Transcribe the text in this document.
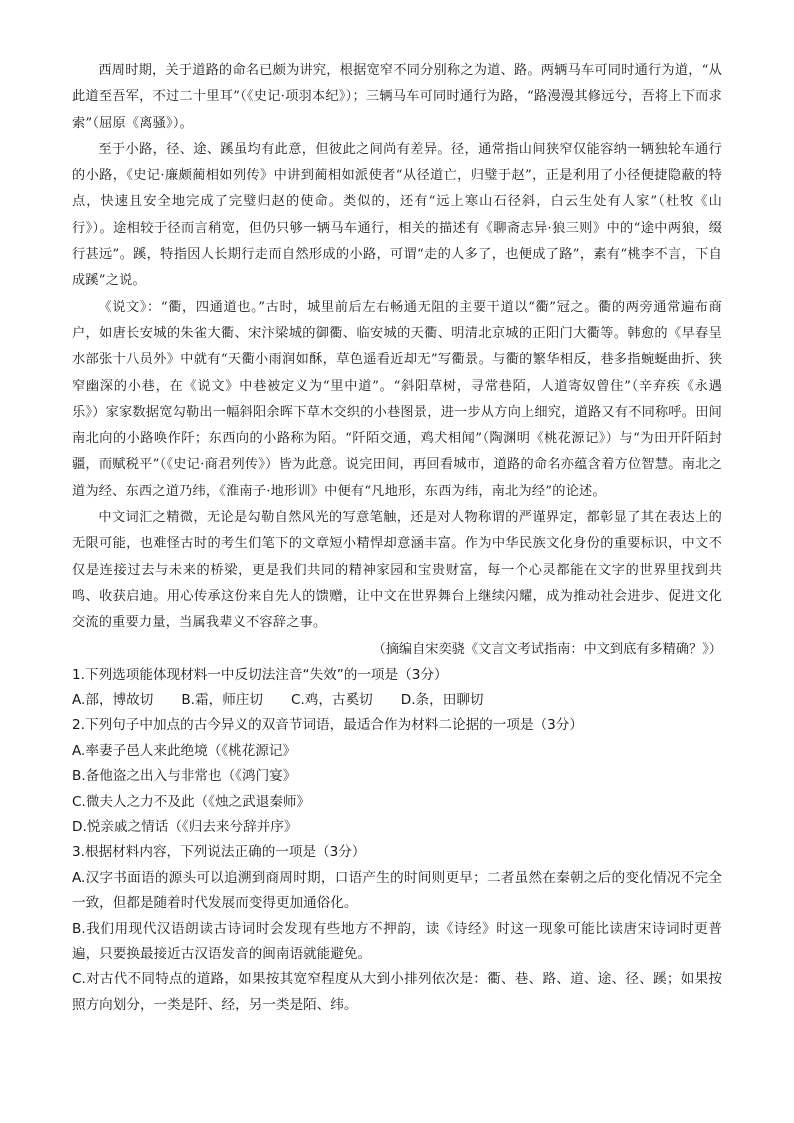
西周时期，关于道路的命名已颇为讲究，根据宽窄不同分别称之为道、路。两辆马车可同时通行为道，“从此道至吾军，不过二十里耳”（《史记·项羽本纪》）；三辆马车可同时通行为路，“路漫漫其修远兮，吾将上下而求索”（屈原《离骚》）。

至于小路，径、途、蹊虽均有此意，但彼此之间尚有差异。径，通常指山间狭窄仅能容纳一辆独轮车通行的小路，《史记·廉颇蔺相如列传》中讲到蔺相如派使者“从径道亡，归璧于赵”，正是利用了小径便捷隐蔽的特点，快速且安全地完成了完璧归赵的使命。类似的，还有“远上寒山石径斜，白云生处有人家”（杜牧《山行》）。途相较于径而言稍宽，但仍只够一辆马车通行，相关的描述有《聊斋志异·狼三则》中的“途中两狼，缀行甚远”。蹊，特指因人长期行走而自然形成的小路，可谓“走的人多了，也便成了路”，素有“桃李不言，下自成蹊”之说。

《说文》：“衢，四通道也。”古时，城里前后左右畅通无阻的主要干道以“衢”冠之。衢的两旁通常遍布商户，如唐长安城的朱雀大衢、宋汴梁城的御衢、临安城的天衢、明清北京城的正阳门大衢等。韩愈的《早春呈水部张十八员外》中就有“天衢小雨润如酥，草色遥看近却无”写衢景。与衢的繁华相反，巷多指蜿蜒曲折、狭窄幽深的小巷，在《说文》中巷被定义为“里中道”。“斜阳草树，寻常巷陌，人道寄奴曾住”（辛弃疾《永遇乐》）家家数据宽勾勒出一幅斜阳余晖下草木交织的小巷图景，进一步从方向上细究，道路又有不同称呼。田间南北向的小路唤作阡；东西向的小路称为陌。“阡陌交通，鸡犬相闻”（陶渊明《桃花源记》）与“为田开阡陌封疆，而赋税平”（《史记·商君列传》）皆为此意。说完田间，再回看城市，道路的命名亦蕴含着方位智慧。南北之道为经、东西之道乃纬，《淮南子·地形训》中便有“凡地形，东西为纬，南北为经”的论述。

中文词汇之精微，无论是勾勒自然风光的写意笔触，还是对人物称谓的严谨界定，都彰显了其在表达上的无限可能，也难怪古时的考生们笔下的文章短小精悍却意涵丰富。作为中华民族文化身份的重要标识，中文不仅是连接过去与未来的桥梁，更是我们共同的精神家园和宝贵财富，每一个心灵都能在文字的世界里找到共鸣、收获启迪。用心传承这份来自先人的馈赠，让中文在世界舞台上继续闪耀，成为推动社会进步、促进文化交流的重要力量，当属我辈义不容辞之事。

（摘编自宋奕骁《文言文考试指南：中文到底有多精确？》）

1.下列选项能体现材料一中反切法注音“失效”的一项是（3分）

A.部，博故切 B.霜，师庄切 C.鸡，古奚切 D.条，田聊切

2.下列句子中加点的古今异义的双音节词语，最适合作为材料二论据的一项是（3分）

A.率妻子邑人来此绝境（《桃花源记》

B.备他盗之出入与非常也（《鸿门宴》

C.微夫人之力不及此（《烛之武退秦师》

D.悦亲戚之情话（《归去来兮辞并序》

3.根据材料内容，下列说法正确的一项是（3分）

A.汉字书面语的源头可以追溯到商周时期，口语产生的时间则更早；二者虽然在秦朝之后的变化情况不完全一致，但都是随着时代发展而变得更加通俗化。

B.我们用现代汉语朗读古诗词时会发现有些地方不押韵，读《诗经》时这一现象可能比读唐宋诗词时更普遍，只要换最接近古汉语发音的闽南语就能避免。

C.对古代不同特点的道路，如果按其宽窄程度从大到小排列依次是：衢、巷、路、道、途、径、蹊；如果按照方向划分，一类是阡、经，另一类是陌、纬。
